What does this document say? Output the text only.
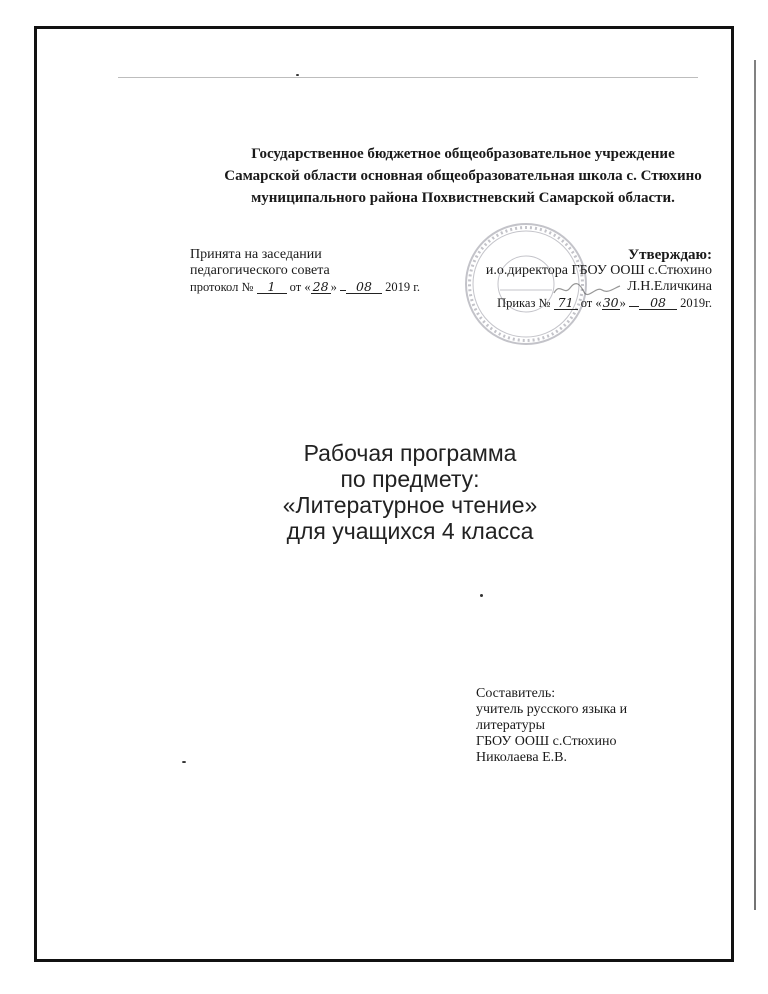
Государственное бюджетное общеобразовательное учреждение
Самарской области основная общеобразовательная школа с. Стюхино
муниципального района Похвистневский Самарской области.
Принята на заседании
педагогического совета
протокол № 1 от « 28 » 08 2019 г.
Утверждаю:
и.о.директора ГБОУ ООШ с.Стюхино
Л.Н.Еличкина
Приказ № 71 от «30» 08 2019г.
Рабочая программа
по предмету:
«Литературное чтение»
для учащихся 4 класса
Составитель:
учитель русского языка и
литературы
ГБОУ ООШ с.Стюхино
Николаева Е.В.
